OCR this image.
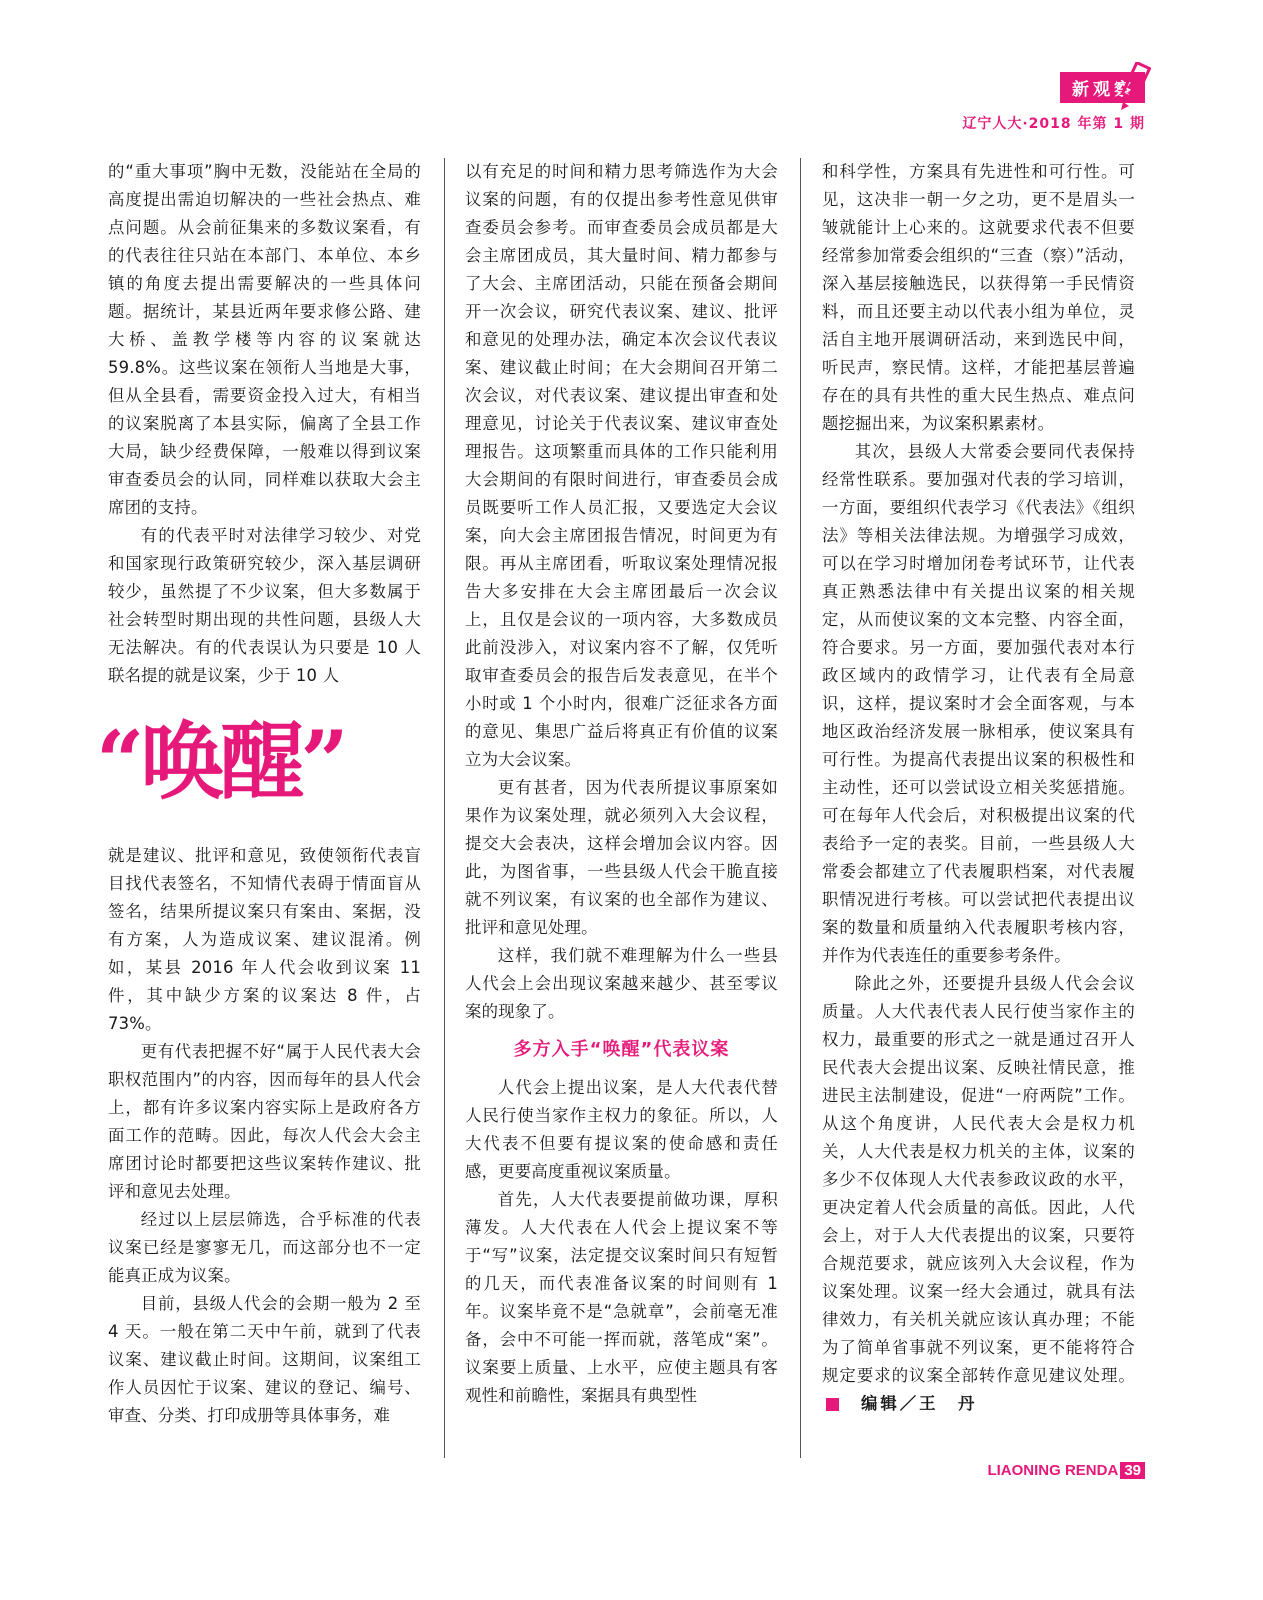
新观察
辽宁人大·2018 年第 1 期

的“重大事项”胸中无数，没能站在全局的高度提出需迫切解决的一些社会热点、难点问题。从会前征集来的多数议案看，有的代表往往只站在本部门、本单位、本乡镇的角度去提出需要解决的一些具体问题。据统计，某县近两年要求修公路、建大桥、盖教学楼等内容的议案就达 59.8%。这些议案在领衔人当地是大事，但从全县看，需要资金投入过大，有相当的议案脱离了本县实际，偏离了全县工作大局，缺少经费保障，一般难以得到议案审查委员会的认同，同样难以获取大会主席团的支持。

有的代表平时对法律学习较少、对党和国家现行政策研究较少，深入基层调研较少，虽然提了不少议案，但大多数属于社会转型时期出现的共性问题，县级人大无法解决。有的代表误认为只要是 10 人联名提的就是议案，少于 10 人

“唤醒”

就是建议、批评和意见，致使领衔代表盲目找代表签名，不知情代表碍于情面盲从签名，结果所提议案只有案由、案据，没有方案，人为造成议案、建议混淆。例如，某县 2016 年人代会收到议案 11 件，其中缺少方案的议案达 8 件，占 73%。

更有代表把握不好“属于人民代表大会职权范围内”的内容，因而每年的县人代会上，都有许多议案内容实际上是政府各方面工作的范畴。因此，每次人代会大会主席团讨论时都要把这些议案转作建议、批评和意见去处理。

经过以上层层筛选，合乎标准的代表议案已经是寥寥无几，而这部分也不一定能真正成为议案。

目前，县级人代会的会期一般为 2 至 4 天。一般在第二天中午前，就到了代表议案、建议截止时间。这期间，议案组工作人员因忙于议案、建议的登记、编号、审查、分类、打印成册等具体事务，难

以有充足的时间和精力思考筛选作为大会议案的问题，有的仅提出参考性意见供审查委员会参考。而审查委员会成员都是大会主席团成员，其大量时间、精力都参与了大会、主席团活动，只能在预备会期间开一次会议，研究代表议案、建议、批评和意见的处理办法，确定本次会议代表议案、建议截止时间；在大会期间召开第二次会议，对代表议案、建议提出审查和处理意见，讨论关于代表议案、建议审查处理报告。这项繁重而具体的工作只能利用大会期间的有限时间进行，审查委员会成员既要听工作人员汇报，又要选定大会议案，向大会主席团报告情况，时间更为有限。再从主席团看，听取议案处理情况报告大多安排在大会主席团最后一次会议上，且仅是会议的一项内容，大多数成员此前没涉入，对议案内容不了解，仅凭听取审查委员会的报告后发表意见，在半个小时或 1 个小时内，很难广泛征求各方面的意见、集思广益后将真正有价值的议案立为大会议案。

更有甚者，因为代表所提议事原案如果作为议案处理，就必须列入大会议程，提交大会表决，这样会增加会议内容。因此，为图省事，一些县级人代会干脆直接就不列议案，有议案的也全部作为建议、批评和意见处理。

这样，我们就不难理解为什么一些县人代会上会出现议案越来越少、甚至零议案的现象了。

多方入手“唤醒”代表议案

人代会上提出议案，是人大代表代替人民行使当家作主权力的象征。所以，人大代表不但要有提议案的使命感和责任感，更要高度重视议案质量。

首先，人大代表要提前做功课，厚积薄发。人大代表在人代会上提议案不等于“写”议案，法定提交议案时间只有短暂的几天，而代表准备议案的时间则有 1 年。议案毕竟不是“急就章”，会前毫无准备，会中不可能一挥而就，落笔成“案”。议案要上质量、上水平，应使主题具有客观性和前瞻性，案据具有典型性

和科学性，方案具有先进性和可行性。可见，这决非一朝一夕之功，更不是眉头一皱就能计上心来的。这就要求代表不但要经常参加常委会组织的“三查（察）”活动，深入基层接触选民，以获得第一手民情资料，而且还要主动以代表小组为单位，灵活自主地开展调研活动，来到选民中间，听民声，察民情。这样，才能把基层普遍存在的具有共性的重大民生热点、难点问题挖掘出来，为议案积累素材。

其次，县级人大常委会要同代表保持经常性联系。要加强对代表的学习培训，一方面，要组织代表学习《代表法》《组织法》等相关法律法规。为增强学习成效，可以在学习时增加闭卷考试环节，让代表真正熟悉法律中有关提出议案的相关规定，从而使议案的文本完整、内容全面，符合要求。另一方面，要加强代表对本行政区域内的政情学习，让代表有全局意识，这样，提议案时才会全面客观，与本地区政治经济发展一脉相承，使议案具有可行性。为提高代表提出议案的积极性和主动性，还可以尝试设立相关奖惩措施。可在每年人代会后，对积极提出议案的代表给予一定的表奖。目前，一些县级人大常委会都建立了代表履职档案，对代表履职情况进行考核。可以尝试把代表提出议案的数量和质量纳入代表履职考核内容，并作为代表连任的重要参考条件。

除此之外，还要提升县级人代会会议质量。人大代表代表人民行使当家作主的权力，最重要的形式之一就是通过召开人民代表大会提出议案、反映社情民意，推进民主法制建设，促进“一府两院”工作。从这个角度讲，人民代表大会是权力机关，人大代表是权力机关的主体，议案的多少不仅体现人大代表参政议政的水平，更决定着人代会质量的高低。因此，人代会上，对于人大代表提出的议案，只要符合规范要求，就应该列入大会议程，作为议案处理。议案一经大会通过，就具有法律效力，有关机关就应该认真办理；不能为了简单省事就不列议案，更不能将符合规定要求的议案全部转作意见建议处理。编辑／王　丹

LIAONING RENDA 39
